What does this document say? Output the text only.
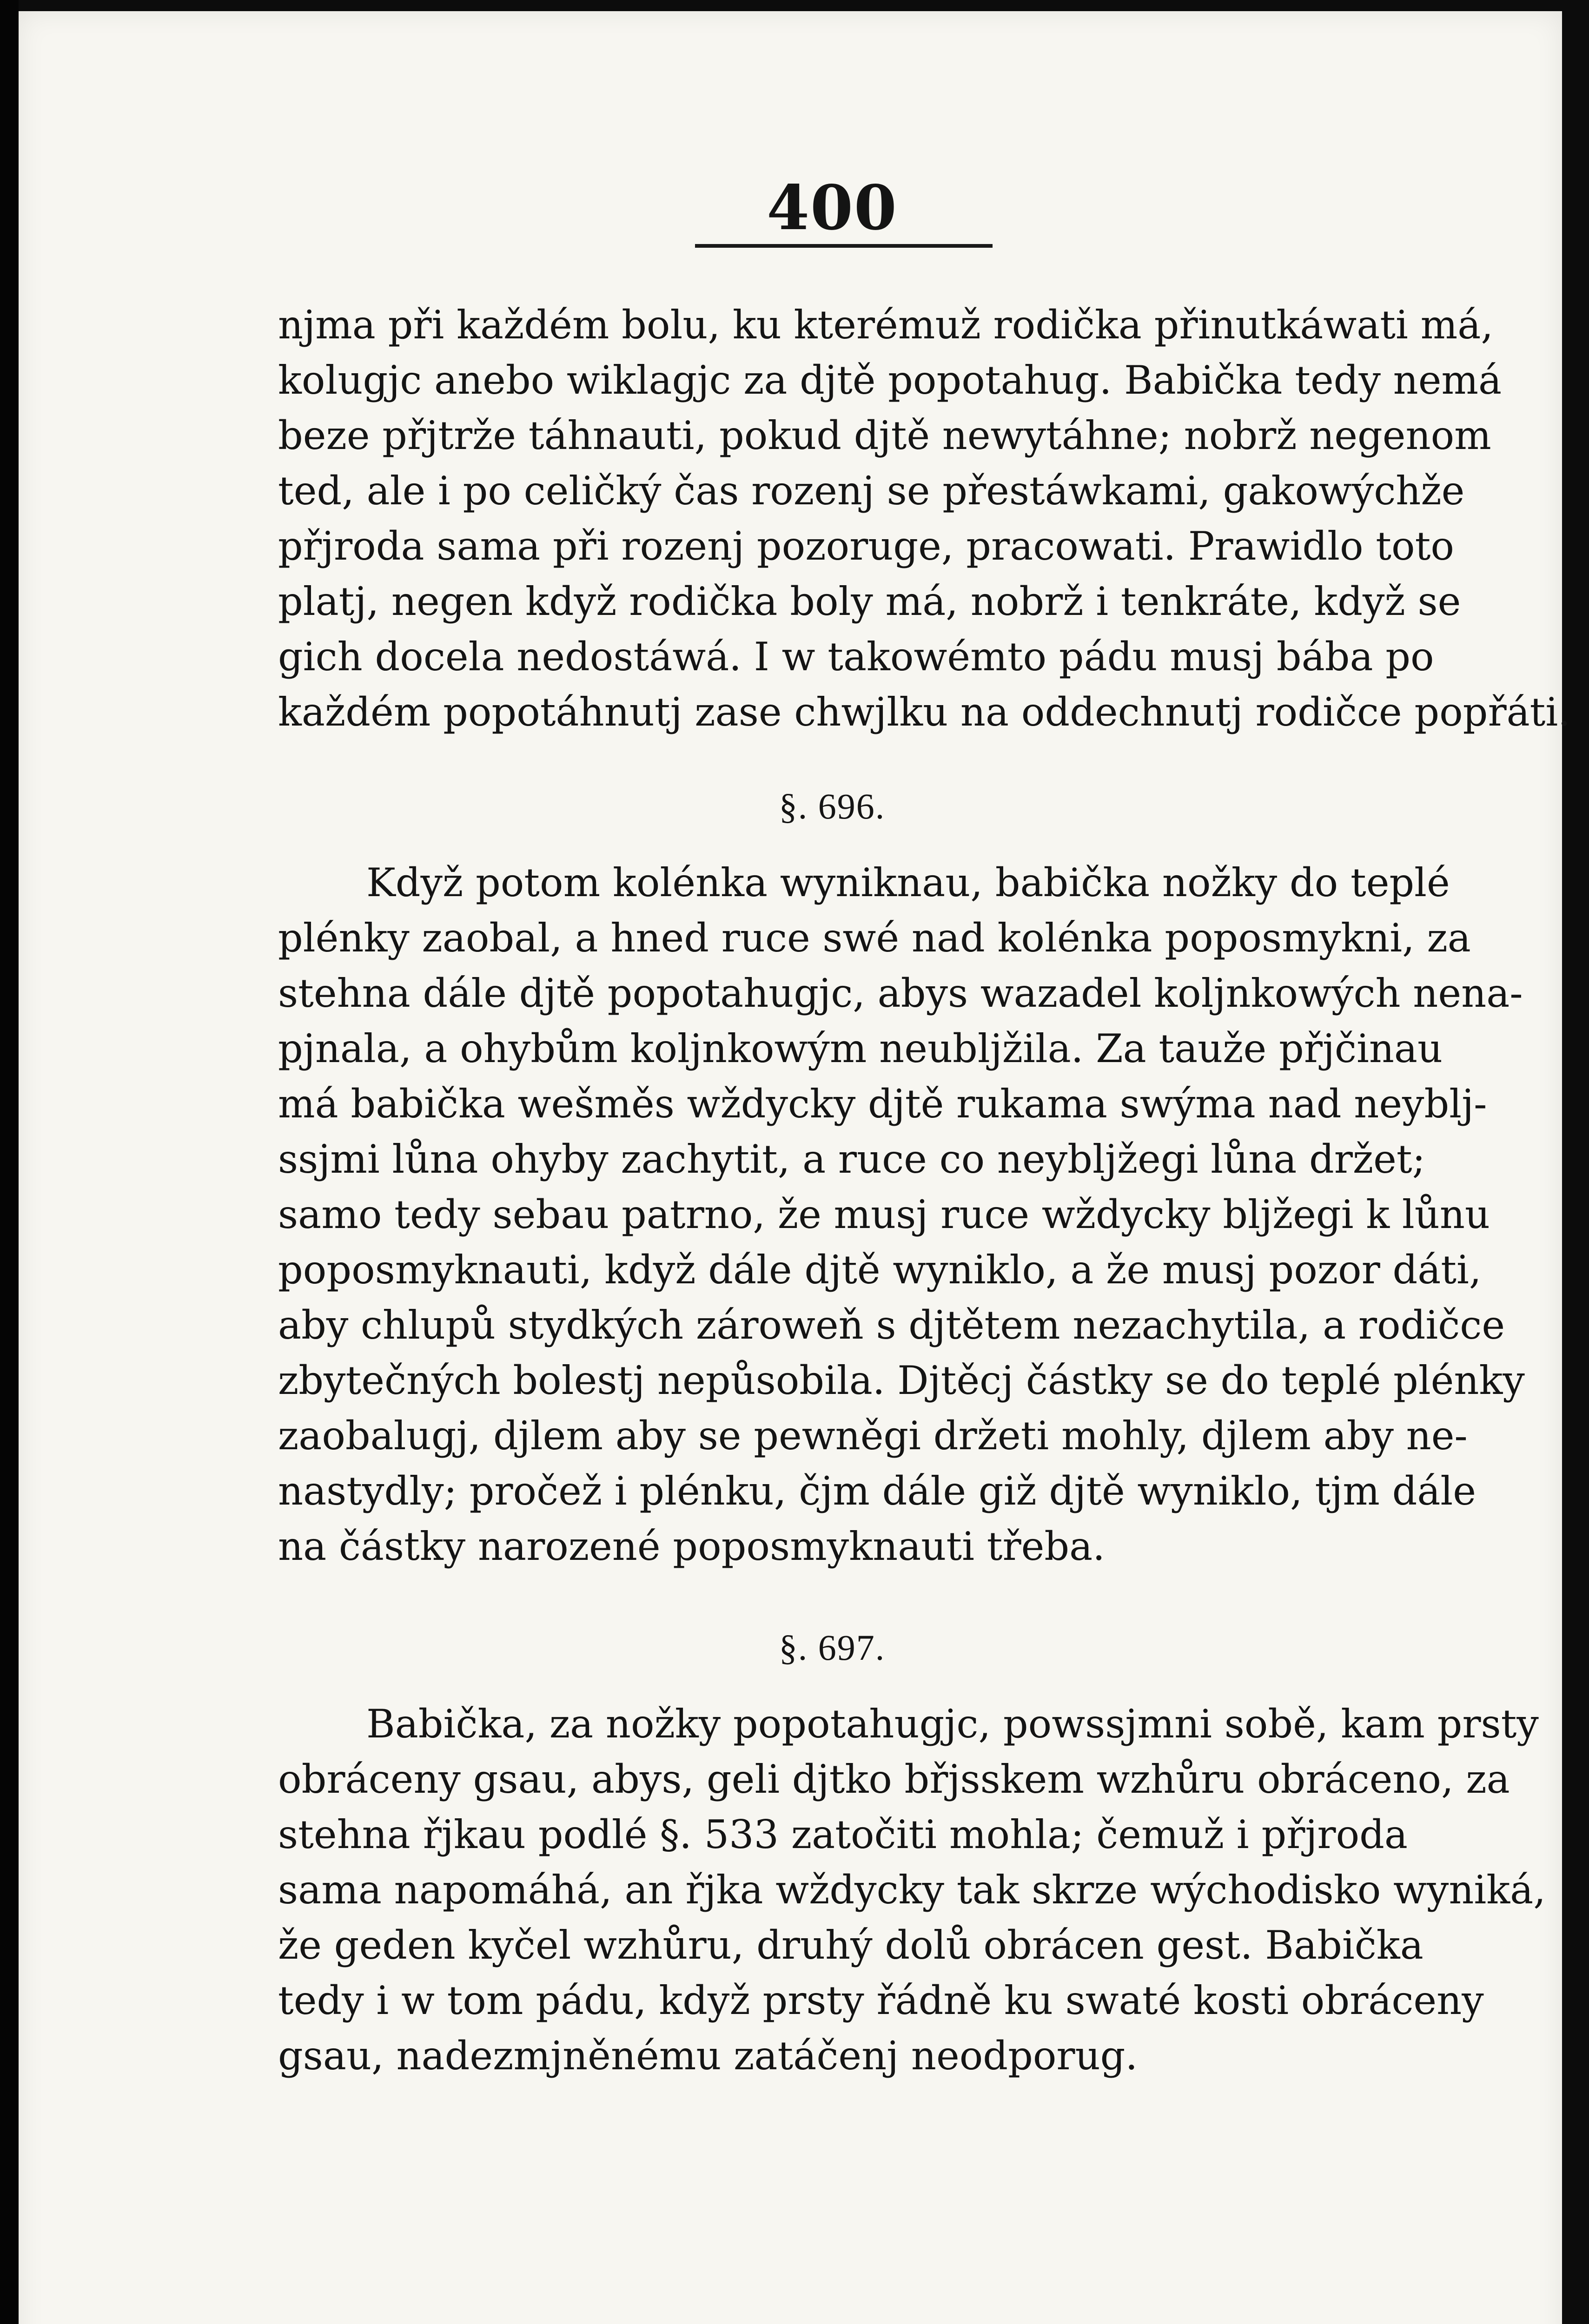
400
njma při každém bolu, ku kterémuž rodička přinutkáwati má,
kolugjc anebo wiklagjc za djtě popotahug. Babička tedy nemá
beze přjtrže táhnauti, pokud djtě newytáhne; nobrž negenom
ted, ale i po celičký čas rozenj se přestáwkami, gakowýchže
přjroda sama při rozenj pozoruge, pracowati. Prawidlo toto
platj, negen když rodička boly má, nobrž i tenkráte, když se
gich docela nedostáwá. I w takowémto pádu musj bába po
každém popotáhnutj zase chwjlku na oddechnutj rodičce popřáti.
§. 696.
Když potom kolénka wyniknau, babička nožky do teplé
plénky zaobal, a hned ruce swé nad kolénka poposmykni, za
stehna dále djtě popotahugjc, abys wazadel koljnkowých nena-
pjnala, a ohybům koljnkowým neubljžila. Za tauže přjčinau
má babička wešměs wždycky djtě rukama swýma nad neyblj-
ssjmi lůna ohyby zachytit, a ruce co neybljžegi lůna držet;
samo tedy sebau patrno, že musj ruce wždycky bljžegi k lůnu
poposmyknauti, když dále djtě wyniklo, a že musj pozor dáti,
aby chlupů stydkých zároweň s djtětem nezachytila, a rodičce
zbytečných bolestj nepůsobila. Djtěcj částky se do teplé plénky
zaobalugj, djlem aby se pewněgi držeti mohly, djlem aby ne-
nastydly; pročež i plénku, čjm dále giž djtě wyniklo, tjm dále
na částky narozené poposmyknauti třeba.
§. 697.
Babička, za nožky popotahugjc, powssjmni sobě, kam prsty
obráceny gsau, abys, geli djtko břjsskem wzhůru obráceno, za
stehna řjkau podlé §. 533 zatočiti mohla; čemuž i přjroda
sama napomáhá, an řjka wždycky tak skrze wýchodisko wyniká,
že geden kyčel wzhůru, druhý dolů obrácen gest. Babička
tedy i w tom pádu, když prsty řádně ku swaté kosti obráceny
gsau, nadezmjněnému zatáčenj neodporug.
